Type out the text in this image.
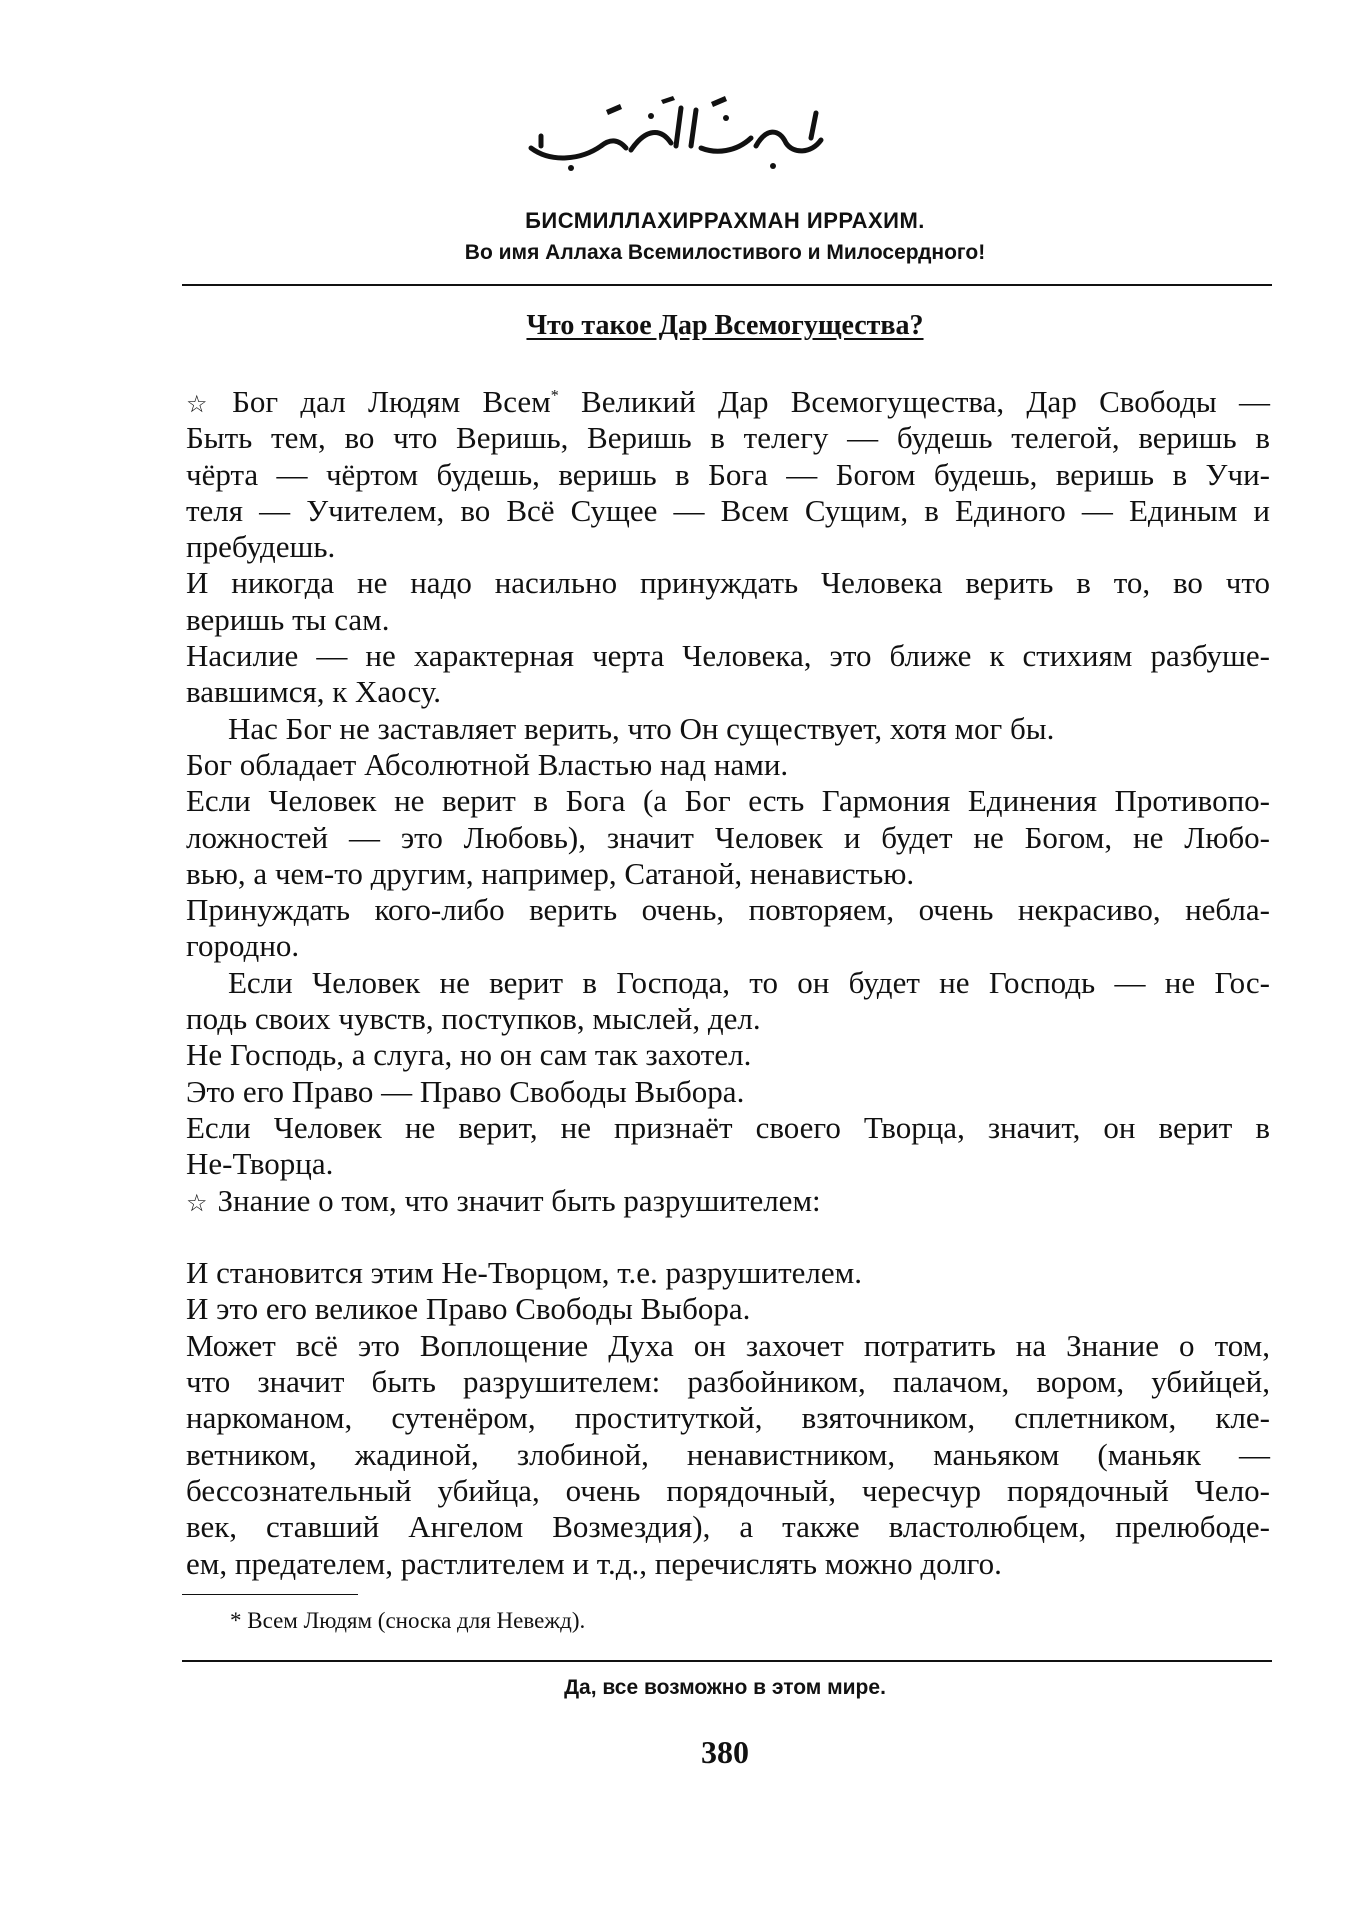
БИСМИЛЛАХИРРАХМАН ИРРАХИМ.
Во имя Аллаха Всемилостивого и Милосердного!
Что такое Дар Всемогущества?
☆ Бог дал Людям Всем* Великий Дар Всемогущества, Дар Свободы —
Быть тем, во что Веришь, Веришь в телегу — будешь телегой, веришь в
чёрта — чёртом будешь, веришь в Бога — Богом будешь, веришь в Учи-
теля — Учителем, во Всё Сущее — Всем Сущим, в Единого — Единым и
пребудешь.
И никогда не надо насильно принуждать Человека верить в то, во что
веришь ты сам.
Насилие — не характерная черта Человека, это ближе к стихиям разбуше-
вавшимся, к Хаосу.
Нас Бог не заставляет верить, что Он существует, хотя мог бы.
Бог обладает Абсолютной Властью над нами.
Если Человек не верит в Бога (а Бог есть Гармония Единения Противопо-
ложностей — это Любовь), значит Человек и будет не Богом, не Любо-
вью, а чем-то другим, например, Сатаной, ненавистью.
Принуждать кого-либо верить очень, повторяем, очень некрасиво, небла-
городно.
Если Человек не верит в Господа, то он будет не Господь — не Гос-
подь своих чувств, поступков, мыслей, дел.
Не Господь, а слуга, но он сам так захотел.
Это его Право — Право Свободы Выбора.
Если Человек не верит, не признаёт своего Творца, значит, он верит в
Не-Творца.
☆ Знание о том, что значит быть разрушителем:
И становится этим Не-Творцом, т.е. разрушителем.
И это его великое Право Свободы Выбора.
Может всё это Воплощение Духа он захочет потратить на Знание о том,
что значит быть разрушителем: разбойником, палачом, вором, убийцей,
наркоманом, сутенёром, проституткой, взяточником, сплетником, кле-
ветником, жадиной, злобиной, ненавистником, маньяком (маньяк —
бессознательный убийца, очень порядочный, чересчур порядочный Чело-
век, ставший Ангелом Возмездия), а также властолюбцем, прелюбоде-
ем, предателем, растлителем и т.д., перечислять можно долго.
* Всем Людям (сноска для Невежд).
Да, все возможно в этом мире.
380
